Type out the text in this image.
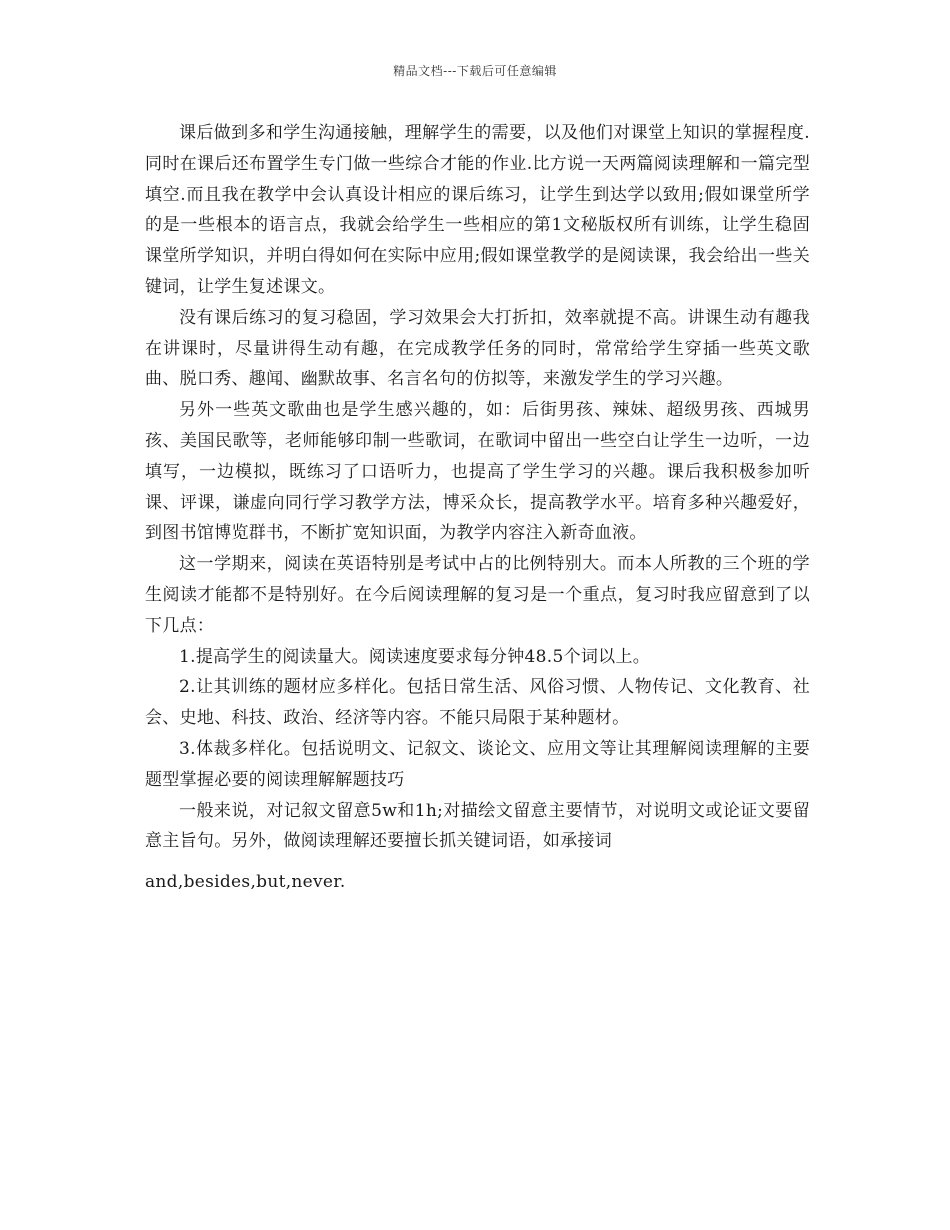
精品文档---下载后可任意编辑

课后做到多和学生沟通接触，理解学生的需要，以及他们对课堂上知识的掌握程度.同时在课后还布置学生专门做一些综合才能的作业.比方说一天两篇阅读理解和一篇完型填空.而且我在教学中会认真设计相应的课后练习，让学生到达学以致用;假如课堂所学的是一些根本的语言点，我就会给学生一些相应的第1文秘版权所有训练，让学生稳固课堂所学知识，并明白得如何在实际中应用;假如课堂教学的是阅读课，我会给出一些关键词，让学生复述课文。

没有课后练习的复习稳固，学习效果会大打折扣，效率就提不高。讲课生动有趣我在讲课时，尽量讲得生动有趣，在完成教学任务的同时，常常给学生穿插一些英文歌曲、脱口秀、趣闻、幽默故事、名言名句的仿拟等，来激发学生的学习兴趣。

另外一些英文歌曲也是学生感兴趣的，如：后街男孩、辣妹、超级男孩、西城男孩、美国民歌等，老师能够印制一些歌词，在歌词中留出一些空白让学生一边听，一边填写，一边模拟，既练习了口语听力，也提高了学生学习的兴趣。课后我积极参加听课、评课，谦虚向同行学习教学方法，博采众长，提高教学水平。培育多种兴趣爱好，到图书馆博览群书，不断扩宽知识面，为教学内容注入新奇血液。

这一学期来，阅读在英语特别是考试中占的比例特别大。而本人所教的三个班的学生阅读才能都不是特别好。在今后阅读理解的复习是一个重点，复习时我应留意到了以下几点：

1.提高学生的阅读量大。阅读速度要求每分钟48.5个词以上。

2.让其训练的题材应多样化。包括日常生活、风俗习惯、人物传记、文化教育、社会、史地、科技、政治、经济等内容。不能只局限于某种题材。

3.体裁多样化。包括说明文、记叙文、谈论文、应用文等让其理解阅读理解的主要题型掌握必要的阅读理解解题技巧

一般来说，对记叙文留意5w和1h;对描绘文留意主要情节，对说明文或论证文要留意主旨句。另外，做阅读理解还要擅长抓关键词语，如承接词

and,besides,but,never.
